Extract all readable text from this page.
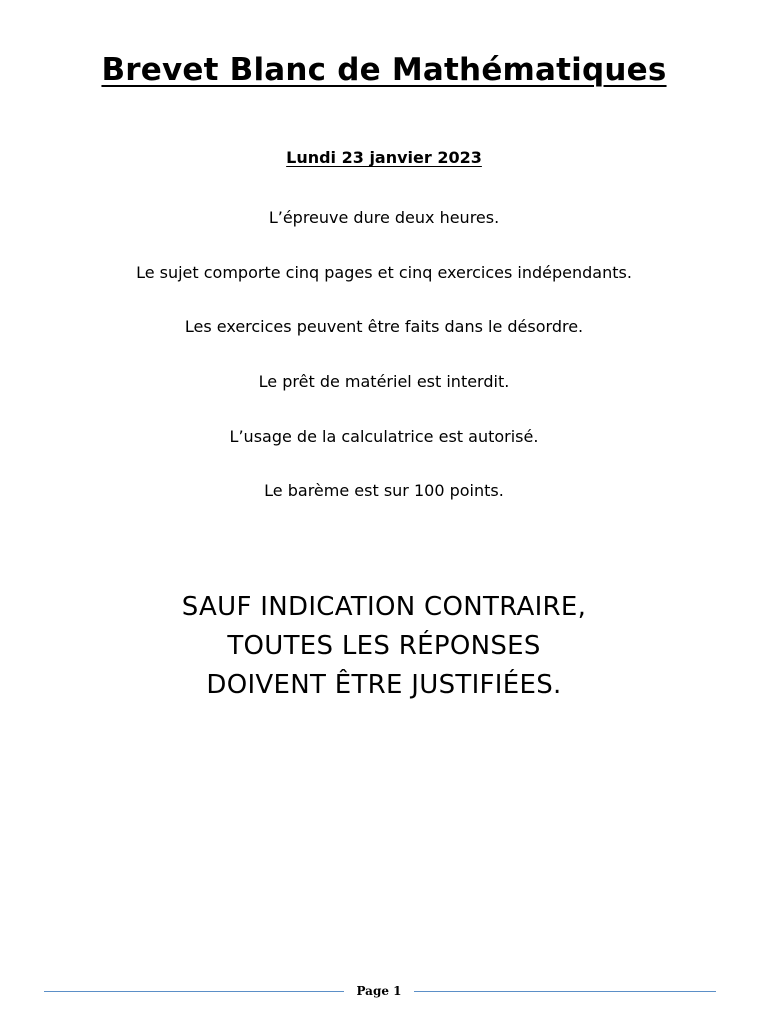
Brevet Blanc de Mathématiques
Lundi 23 janvier 2023
L’épreuve dure deux heures.
Le sujet comporte cinq pages et cinq exercices indépendants.
Les exercices peuvent être faits dans le désordre.
Le prêt de matériel est interdit.
L’usage de la calculatrice est autorisé.
Le barème est sur 100 points.
SAUF INDICATION CONTRAIRE,
TOUTES LES RÉPONSES
DOIVENT ÊTRE JUSTIFIÉES.
Page 1
